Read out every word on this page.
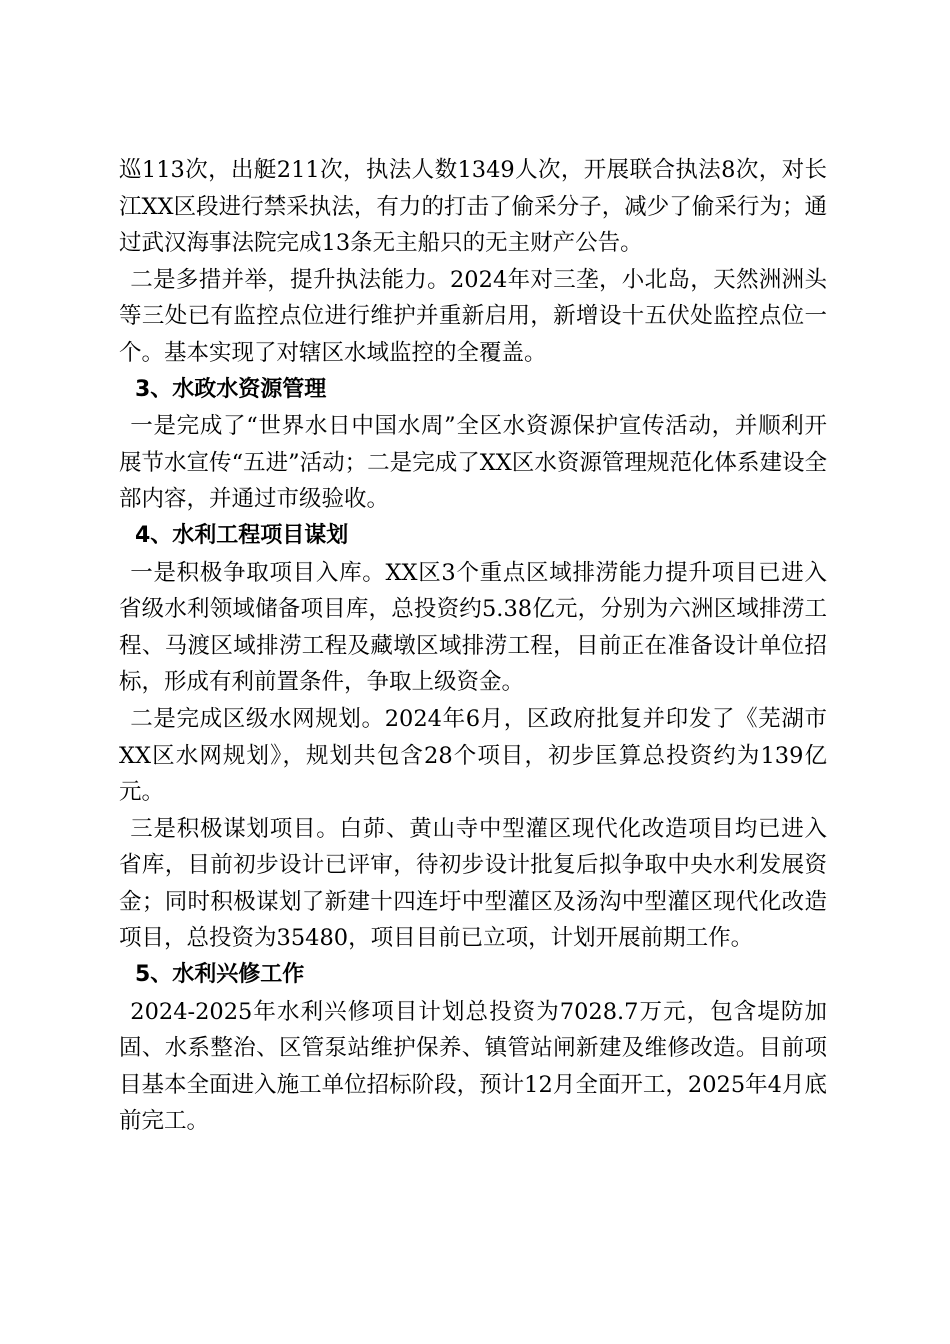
巡113次，出艇211次，执法人数1349人次，开展联合执法8次，对长江XX区段进行禁采执法，有力的打击了偷采分子，减少了偷采行为；通过武汉海事法院完成13条无主船只的无主财产公告。

二是多措并举，提升执法能力。2024年对三垄，小北岛，天然洲洲头等三处已有监控点位进行维护并重新启用，新增设十五伏处监控点位一个。基本实现了对辖区水域监控的全覆盖。

3、水政水资源管理

一是完成了“世界水日中国水周”全区水资源保护宣传活动，并顺利开展节水宣传“五进”活动；二是完成了XX区水资源管理规范化体系建设全部内容，并通过市级验收。

4、水利工程项目谋划

一是积极争取项目入库。XX区3个重点区域排涝能力提升项目已进入省级水利领域储备项目库，总投资约5.38亿元，分别为六洲区域排涝工程、马渡区域排涝工程及藏墩区域排涝工程，目前正在准备设计单位招标，形成有利前置条件，争取上级资金。

二是完成区级水网规划。2024年6月，区政府批复并印发了《芜湖市XX区水网规划》，规划共包含28个项目，初步匡算总投资约为139亿元。

三是积极谋划项目。白茆、黄山寺中型灌区现代化改造项目均已进入省库，目前初步设计已评审，待初步设计批复后拟争取中央水利发展资金；同时积极谋划了新建十四连圩中型灌区及汤沟中型灌区现代化改造项目，总投资为35480，项目目前已立项，计划开展前期工作。

5、水利兴修工作

2024-2025年水利兴修项目计划总投资为7028.7万元，包含堤防加固、水系整治、区管泵站维护保养、镇管站闸新建及维修改造。目前项目基本全面进入施工单位招标阶段，预计12月全面开工，2025年4月底前完工。
